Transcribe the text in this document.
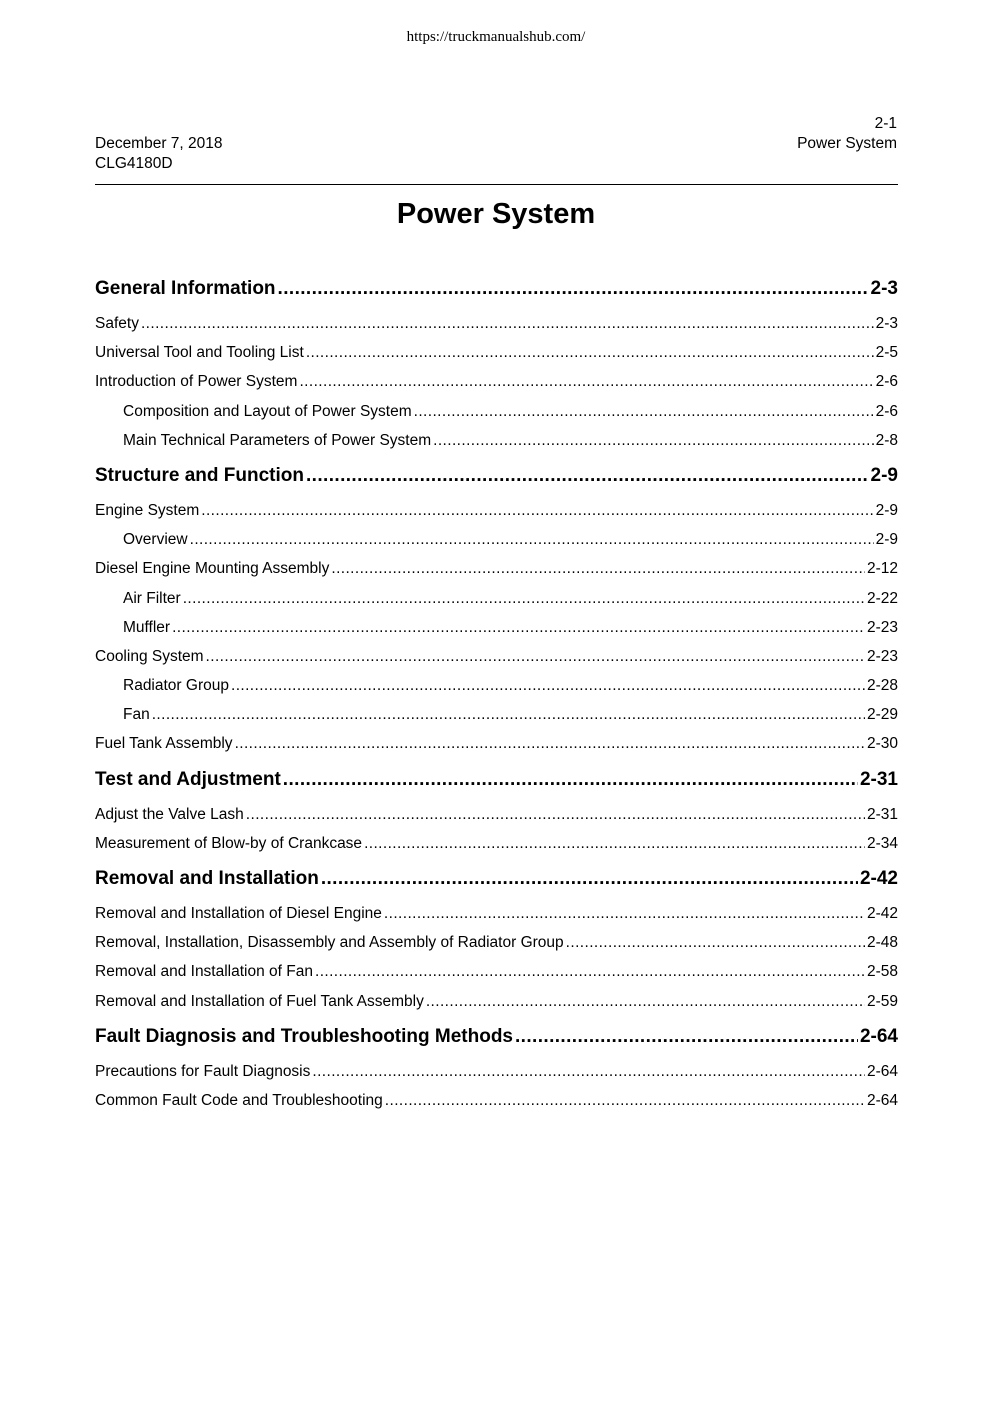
https://truckmanualshub.com/
December 7, 2018
CLG4180D
2-1
Power System
Power System
General Information .....	2-3
Safety .....	2-3
Universal Tool and Tooling List .....	2-5
Introduction of Power System .....	2-6
Composition and Layout of Power System .....	2-6
Main Technical Parameters of Power System .....	2-8
Structure and Function .....	2-9
Engine System .....	2-9
Overview .....	2-9
Diesel Engine Mounting Assembly .....	2-12
Air Filter .....	2-22
Muffler .....	2-23
Cooling System .....	2-23
Radiator Group .....	2-28
Fan .....	2-29
Fuel Tank Assembly .....	2-30
Test and Adjustment .....	2-31
Adjust the Valve Lash .....	2-31
Measurement of Blow-by of Crankcase .....	2-34
Removal and Installation .....	2-42
Removal and Installation of Diesel Engine .....	2-42
Removal, Installation, Disassembly and Assembly of Radiator Group .....	2-48
Removal and Installation of Fan .....	2-58
Removal and Installation of Fuel Tank Assembly .....	2-59
Fault Diagnosis and Troubleshooting Methods .....	2-64
Precautions for Fault Diagnosis .....	2-64
Common Fault Code and Troubleshooting .....	2-64
